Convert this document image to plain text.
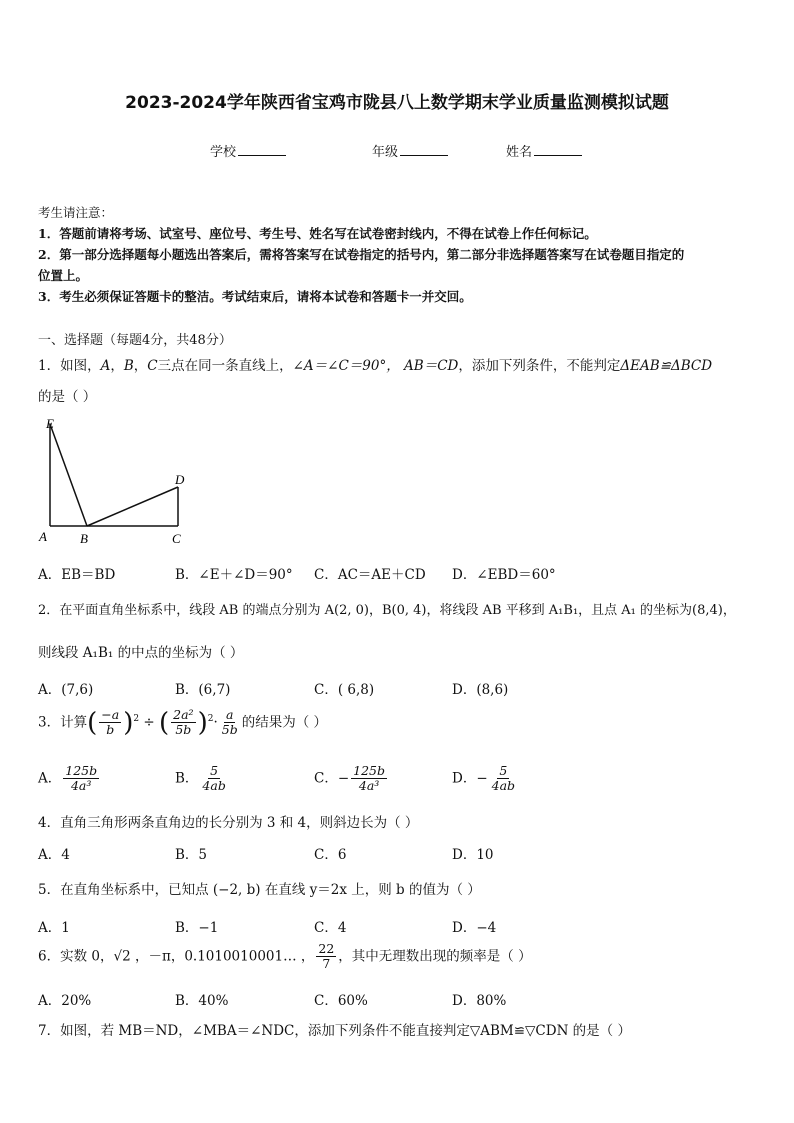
2023-2024学年陕西省宝鸡市陇县八上数学期末学业质量监测模拟试题
学校	年级	姓名
考生请注意：
1．答题前请将考场、试室号、座位号、考生号、姓名写在试卷密封线内，不得在试卷上作任何标记。
2．第一部分选择题每小题选出答案后，需将答案写在试卷指定的括号内，第二部分非选择题答案写在试卷题目指定的
位置上。
3．考生必须保证答题卡的整洁。考试结束后，请将本试卷和答题卡一并交回。
一、选择题（每题4分，共48分）
1．如图，A，B，C三点在同一条直线上，∠A＝∠C＝90°， AB＝CD，添加下列条件，不能判定ΔEAB≌ΔBCD
的是（ ）
E
D
A	B	C
A．EB＝BD	B．∠E＋∠D＝90° C．AC＝AE＋CD D．∠EBD＝60°
2．在平面直角坐标系中，线段 AB 的端点分别为 A(2, 0)，B(0, 4)，将线段 AB 平移到 A₁B₁，且点 A₁ 的坐标为(8,4)，
则线段 A₁B₁ 的中点的坐标为（ ）
A．(7,6)	B．(6,7)	C．( 6,8)	D．(8,6)
3．计算( $\frac{-a}{b} )^2$ ÷ ( $\frac{\text{2a²}}{5b} )^2\cdot \frac{a}{5b}$ 的结果为（ ）
A． $\frac{125b}{\text{4a³}}$	B． $\frac{5}{4ab}$	C．− $\frac{125b}{\text{4a³}}$	D．− $\frac{5}{4ab}$
4．直角三角形两条直角边的长分别为 3 和 4，则斜边长为（ ）
A．4	B．5	C．6	D．10
5．在直角坐标系中，已知点 (−2, b) 在直线 y＝2x 上，则 b 的值为（ ）
A．1	B．−1	C．4	D．−4
6．实数 0，√2 ，－π，0.1010010001… ， $\frac{22}{7}$ ，其中无理数出现的频率是（ ）
A．20%	B．40%	C．60%	D．80%
7．如图，若 MB＝ND，∠MBA＝∠NDC，添加下列条件不能直接判定▽ABM≌▽CDN 的是（ ）
